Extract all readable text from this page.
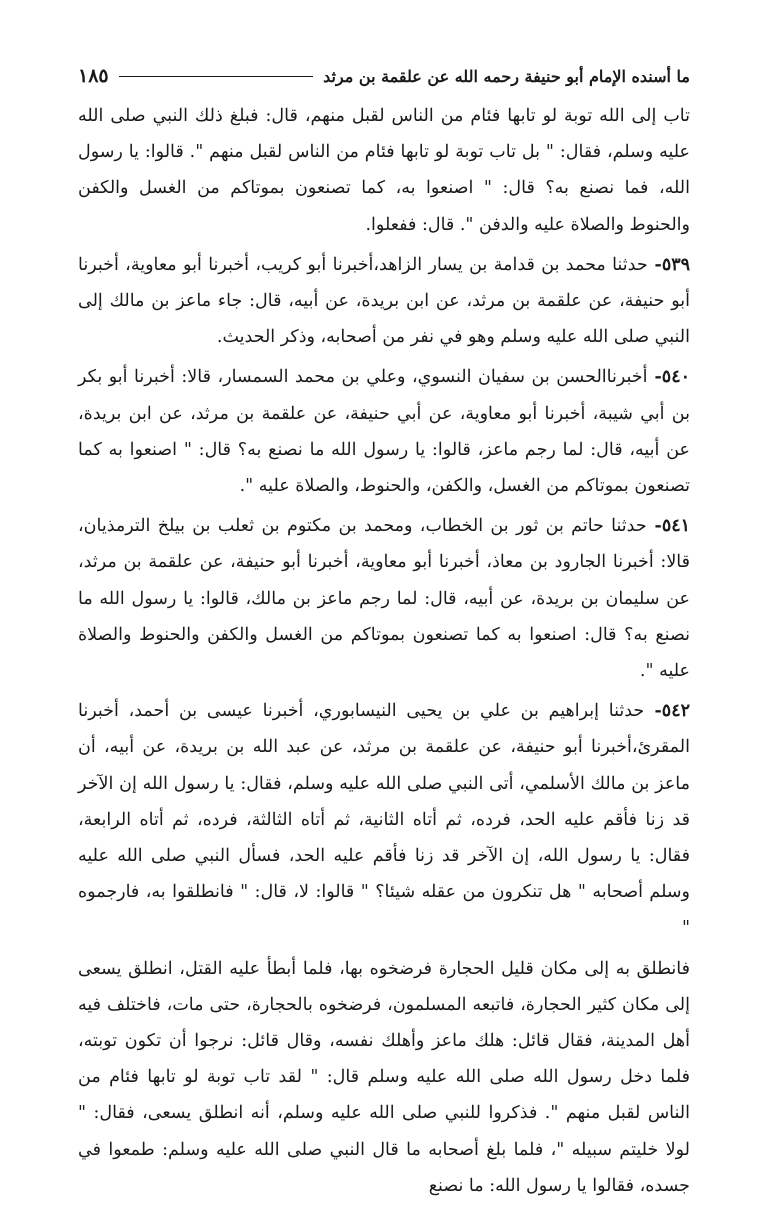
ما أسنده الإمام أبو حنيفة رحمه الله عن علقمة بن مرثد
١٨٥

تاب إلى الله توبة لو تابها فئام من الناس لقبل منهم، قال: فبلغ ذلك النبي صلى الله عليه وسلم، فقال: " بل تاب توبة لو تابها فئام من الناس لقبل منهم ". قالوا: يا رسول الله، فما نصنع به؟ قال: " اصنعوا به، كما تصنعون بموتاكم من الغسل والكفن والحنوط والصلاة عليه والدفن ". قال: ففعلوا.

٥٣٩- حدثنا محمد بن قدامة بن يسار الزاهد،أخبرنا أبو كريب، أخبرنا أبو معاوية، أخبرنا أبو حنيفة، عن علقمة بن مرثد، عن ابن بريدة، عن أبيه، قال: جاء ماعز بن مالك إلى النبي صلى الله عليه وسلم وهو في نفر من أصحابه، وذكر الحديث.

٥٤٠- أخبرناالحسن بن سفيان النسوي، وعلي بن محمد السمسار، قالا: أخبرنا أبو بكر بن أبي شيبة، أخبرنا أبو معاوية، عن أبي حنيفة، عن علقمة بن مرثد، عن ابن بريدة، عن أبيه، قال: لما رجم ماعز، قالوا: يا رسول الله ما نصنع به؟ قال: " اصنعوا به كما تصنعون بموتاكم من الغسل، والكفن، والحنوط، والصلاة عليه ".

٥٤١- حدثنا حاتم بن ثور بن الخطاب، ومحمد بن مكتوم بن ثعلب بن بيلخ الترمذيان، قالا: أخبرنا الجارود بن معاذ، أخبرنا أبو معاوية، أخبرنا أبو حنيفة، عن علقمة بن مرثد، عن سليمان بن بريدة، عن أبيه، قال: لما رجم ماعز بن مالك، قالوا: يا رسول الله ما نصنع به؟ قال: اصنعوا به كما تصنعون بموتاكم من الغسل والكفن والحنوط والصلاة عليه ".

٥٤٢- حدثنا إبراهيم بن علي بن يحيى النيسابوري، أخبرنا عيسى بن أحمد، أخبرنا المقرئ،أخبرنا أبو حنيفة، عن علقمة بن مرثد، عن عبد الله بن بريدة، عن أبيه، أن ماعز بن مالك الأسلمي، أتى النبي صلى الله عليه وسلم، فقال: يا رسول الله إن الآخر قد زنا فأقم عليه الحد، فرده، ثم أتاه الثانية، ثم أتاه الثالثة، فرده، ثم أتاه الرابعة، فقال: يا رسول الله، إن الآخر قد زنا فأقم عليه الحد، فسأل النبي صلى الله عليه وسلم أصحابه " هل تنكرون من عقله شيئا؟ " قالوا: لا، قال: " فانطلقوا به، فارجموه "

فانطلق به إلى مكان قليل الحجارة فرضخوه بها، فلما أبطأ عليه القتل، انطلق يسعى إلى مكان كثير الحجارة، فاتبعه المسلمون، فرضخوه بالحجارة، حتى مات، فاختلف فيه أهل المدينة، فقال قائل: هلك ماعز وأهلك نفسه، وقال قائل: نرجوا أن تكون توبته، فلما دخل رسول الله صلى الله عليه وسلم قال: " لقد تاب توبة لو تابها فئام من الناس لقبل منهم ". فذكروا للنبي صلى الله عليه وسلم، أنه انطلق يسعى، فقال: " لولا خليتم سبيله "، فلما بلغ أصحابه ما قال النبي صلى الله عليه وسلم: طمعوا في جسده، فقالوا يا رسول الله: ما نصنع
